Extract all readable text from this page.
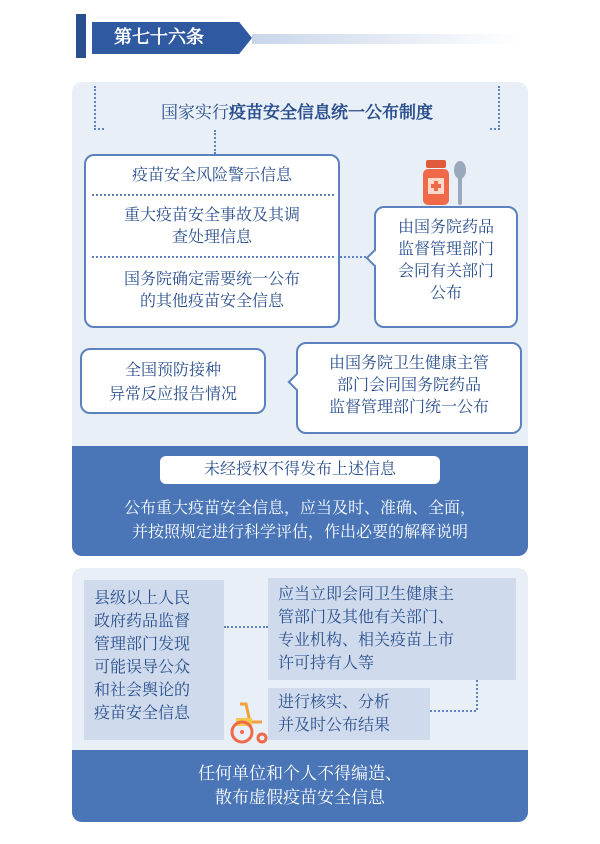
第七十六条
国家实行疫苗安全信息统一公布制度
疫苗安全风险警示信息
重大疫苗安全事故及其调
查处理信息
国务院确定需要统一公布
的其他疫苗安全信息
由国务院药品
监督管理部门
会同有关部门
公布
全国预防接种
异常反应报告情况
由国务院卫生健康主管
部门会同国务院药品
监督管理部门统一公布
未经授权不得发布上述信息
公布重大疫苗安全信息，应当及时、准确、全面，
并按照规定进行科学评估，作出必要的解释说明
县级以上人民
政府药品监督
管理部门发现
可能误导公众
和社会舆论的
疫苗安全信息
应当立即会同卫生健康主
管部门及其他有关部门、
专业机构、相关疫苗上市
许可持有人等
进行核实、分析
并及时公布结果
任何单位和个人不得编造、
散布虚假疫苗安全信息
